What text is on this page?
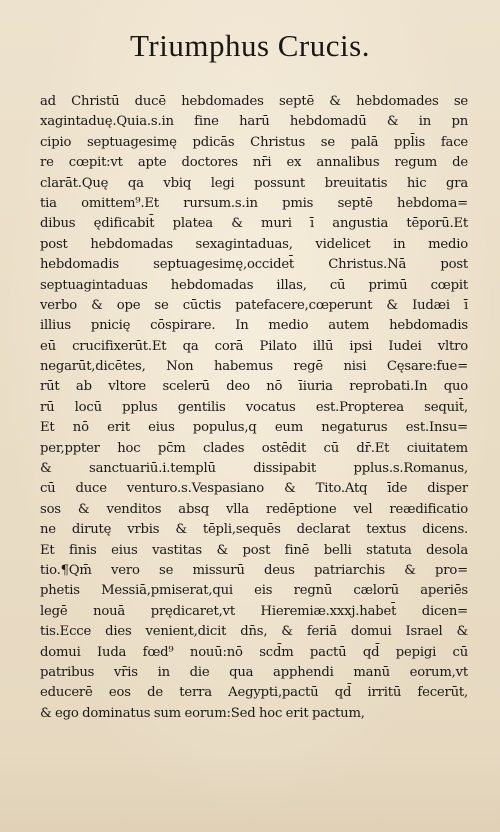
Triumphus Crucis.
ad Christū ducē hebdomades septē & hebdomades se
xagintaduę.Quia.s.in fine harū hebdomadū & in pn
cipio septuagesimę pdicās Christus se palā ppl̄is face
re cœpit:vt apte doctores nr̄i ex annalibus regum de
clarāt.Quę qa vbiq legi possunt breuitatis hic gra
tia omittem⁹.Et rursum.s.in pmis septē hebdoma=
dibus ędificabit̄ platea & muri ī angustia tēporū.Et
post hebdomadas sexagintaduas, videlicet in medio
hebdomadis septuagesimę,occidet̄ Christus.Nā post
septuagintaduas hebdomadas illas, cū primū cœpit
verbo & ope se cūctis patefacere,cœperunt & Iudæi ī
illius pnicię cōspirare. In medio autem hebdomadis
eū crucifixerūt.Et qa corā Pilato illū ipsi Iudei vltro
negarūt,dicētes, Non habemus regē nisi Cęsare:fue=
rūt ab vltore scelerū deo nō īiuria reprobati.In quo
rū locū pplus gentilis vocatus est.Propterea sequit̄,
Et nō erit eius populus,q eum negaturus est.Insu=
per,ppter hoc pc̄m clades ostēdit cū dr̄.Et ciuitatem
& sanctuariū.i.templū dissipabit pplus.s.Romanus,
cū duce venturo.s.Vespasiano & Tito.Atq īde disper
sos & venditos absq vlla redēptione vel reædificatio
ne dirutę vrbis & tēpli,sequēs declarat textus dicens.
Et finis eius vastitas & post finē belli statuta desola
tio.¶Qm̄ vero se missurū deus patriarchis & pro=
phetis Messiā,pmiserat,qui eis regnū cælorū aperiēs
legē nouā prędicaret,vt Hieremiæ.xxxj.habet̄ dicen=
tis.Ecce dies venient,dicit dn̄s, & feriā domui Israel &
domui Iuda fœd⁹ nouū:nō scd̄m pactū qd̄ pepigi cū
patribus vr̄is in die qua apphendi manū eorum,vt
educerē eos de terra Aegypti,pactū qd̄ irritū fecerūt,
& ego dominatus sum eorum:Sed hoc erit pactum,
